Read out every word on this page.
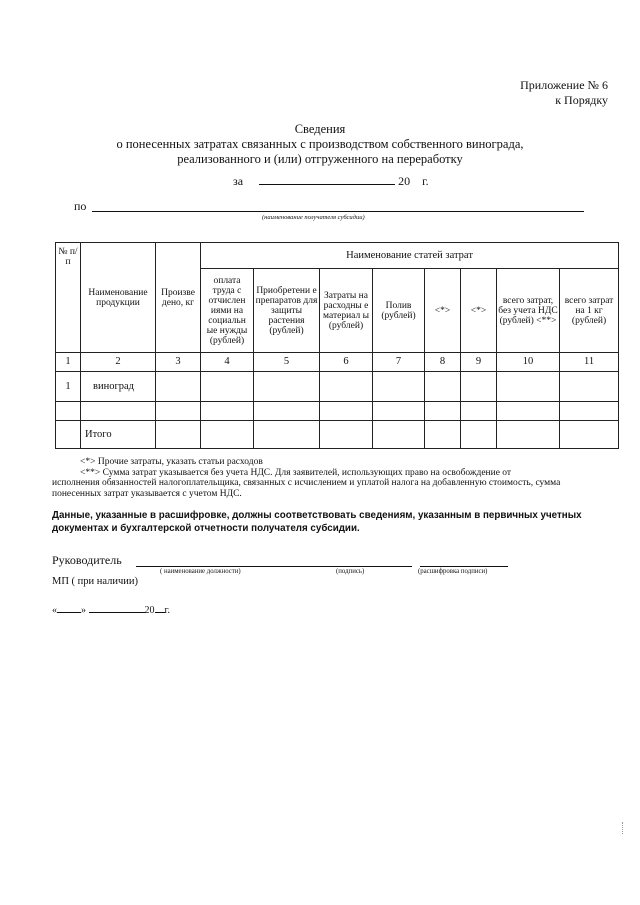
Приложение № 6
к Порядку
Сведения
о понесенных затратах связанных с производством собственного винограда,
реализованного и (или) отгруженного на переработку
за	20 г.
по
(наименование получателя субсидии)
№ п/п	Наименование продукции	Произве дено, кг	Наименование статей затрат							
			оплата труда с отчислен иями на социальн ые нужды (рублей)	Приобретени е препаратов для защиты растения (рублей)	Затраты на расходны е материал ы (рублей)	Полив (рублей)	<*>	<*>	всего затрат, без учета НДС (рублей) <**>	всего затрат на 1 кг (рублей)
1	2	3	4	5	6	7	8	9	10	11
1	виноград									

	Итого									
<*> Прочие затраты, указать статьи расходов
<**> Сумма затрат указывается без учета НДС. Для заявителей, использующих право на освобождение от
исполнения обязанностей налогоплательщика, связанных с исчислением и уплатой налога на добавленную стоимость, сумма понесенных затрат указывается с учетом НДС.
Данные, указанные в расшифровке, должны соответствовать сведениям, указанным в первичных учетных документах и бухгалтерской отчетности получателя субсидии.
Руководитель
( наименование должности)	(подпись)	(расшифровка подписи)
МП ( при наличии)
« »	20 г.
